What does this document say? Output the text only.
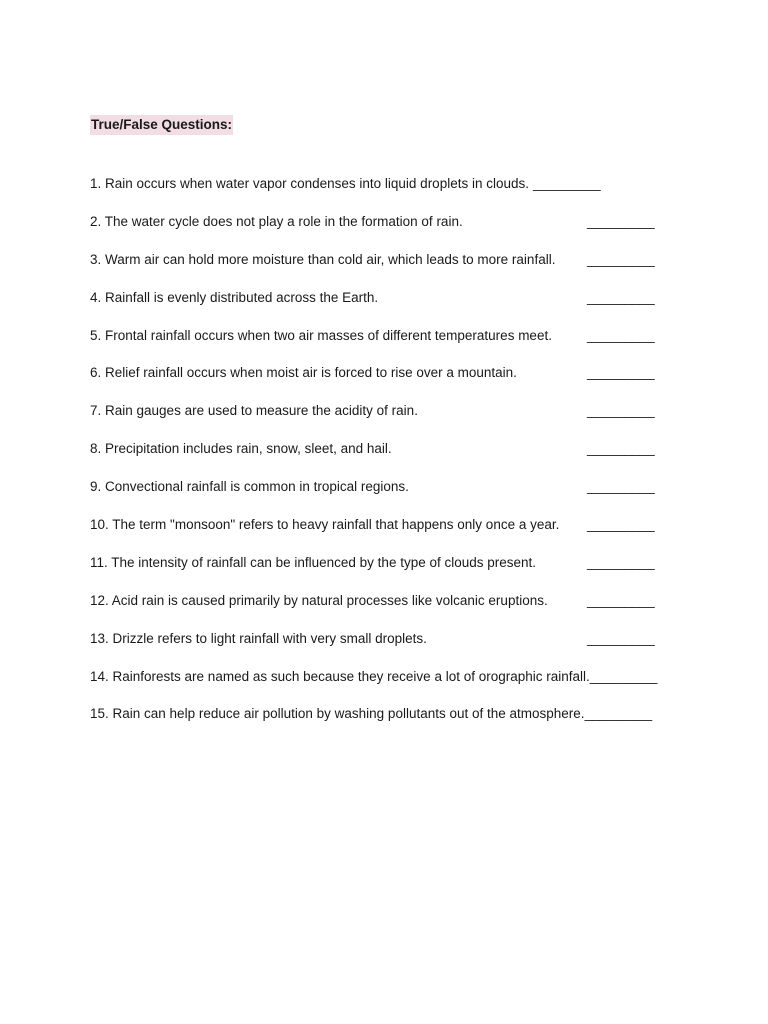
True/False Questions:
1. Rain occurs when water vapor condenses into liquid droplets in clouds. _________
2. The water cycle does not play a role in the formation of rain.	_________
3. Warm air can hold more moisture than cold air, which leads to more rainfall. _________
4. Rainfall is evenly distributed across the Earth.	_________
5. Frontal rainfall occurs when two air masses of different temperatures meet.	_________
6. Relief rainfall occurs when moist air is forced to rise over a mountain.	_________
7. Rain gauges are used to measure the acidity of rain.	_________
8. Precipitation includes rain, snow, sleet, and hail.	_________
9. Convectional rainfall is common in tropical regions.	_________
10. The term "monsoon" refers to heavy rainfall that happens only once a year. _________
11. The intensity of rainfall can be influenced by the type of clouds present.	_________
12. Acid rain is caused primarily by natural processes like volcanic eruptions.	_________
13. Drizzle refers to light rainfall with very small droplets.	_________
14. Rainforests are named as such because they receive a lot of orographic rainfall._________
15. Rain can help reduce air pollution by washing pollutants out of the atmosphere._________
